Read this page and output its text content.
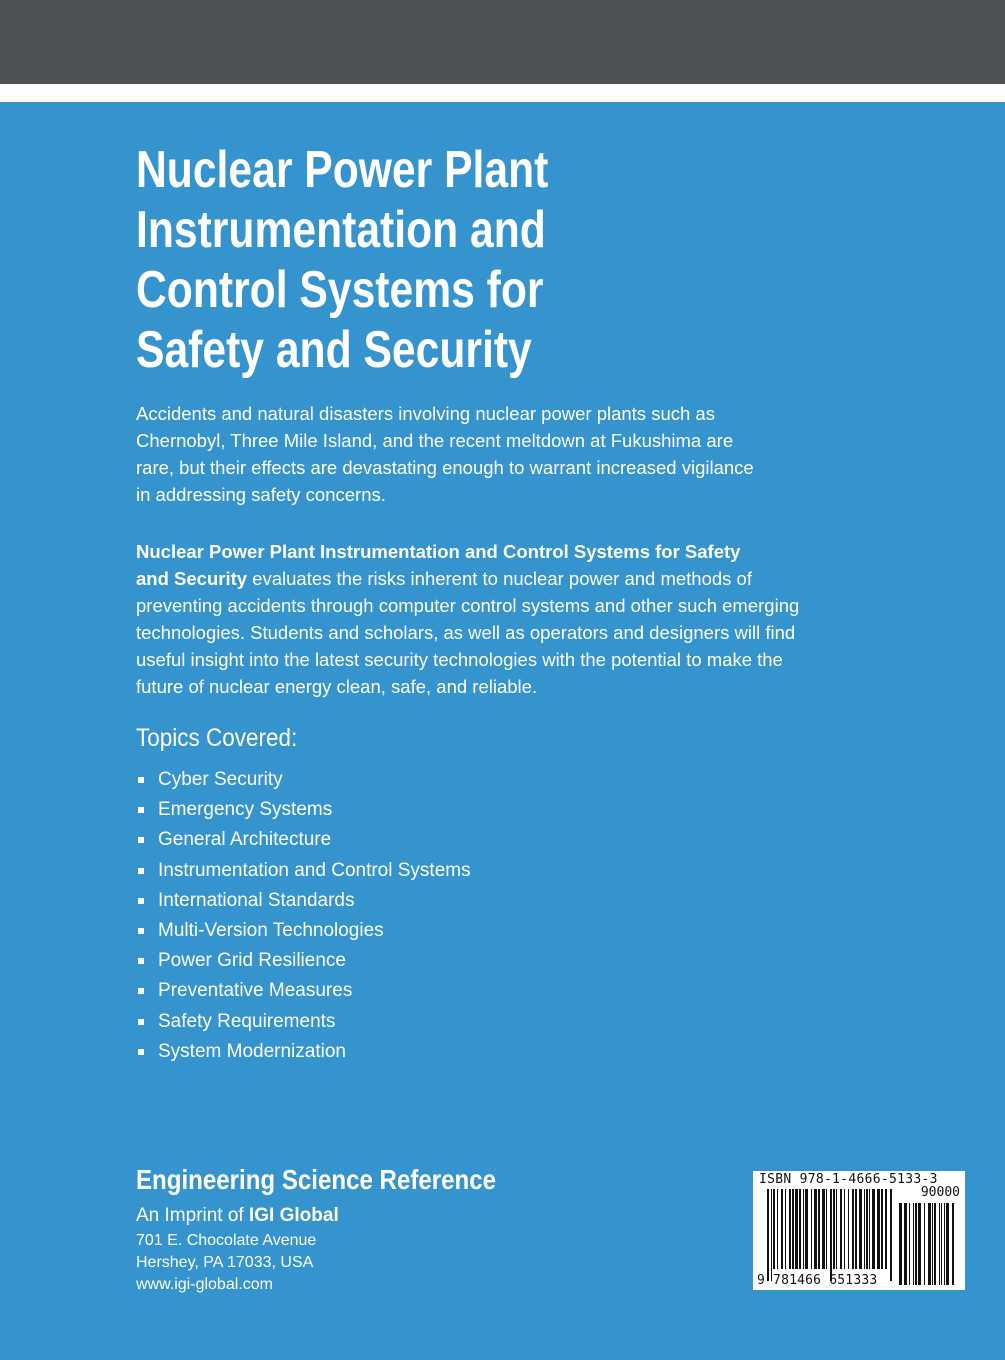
Nuclear Power Plant
Instrumentation and
Control Systems for
Safety and Security
Accidents and natural disasters involving nuclear power plants such as
Chernobyl, Three Mile Island, and the recent meltdown at Fukushima are
rare, but their effects are devastating enough to warrant increased vigilance
in addressing safety concerns.
Nuclear Power Plant Instrumentation and Control Systems for Safety
and Security evaluates the risks inherent to nuclear power and methods of
preventing accidents through computer control systems and other such emerging
technologies. Students and scholars, as well as operators and designers will find
useful insight into the latest security technologies with the potential to make the
future of nuclear energy clean, safe, and reliable.
Topics Covered:
Cyber Security
Emergency Systems
General Architecture
Instrumentation and Control Systems
International Standards
Multi-Version Technologies
Power Grid Resilience
Preventative Measures
Safety Requirements
System Modernization
Engineering Science Reference
An Imprint of IGI Global
701 E. Chocolate Avenue
Hershey, PA 17033, USA
www.igi-global.com
ISBN 978-1-4666-5133-3
90000
9 781466 651333
